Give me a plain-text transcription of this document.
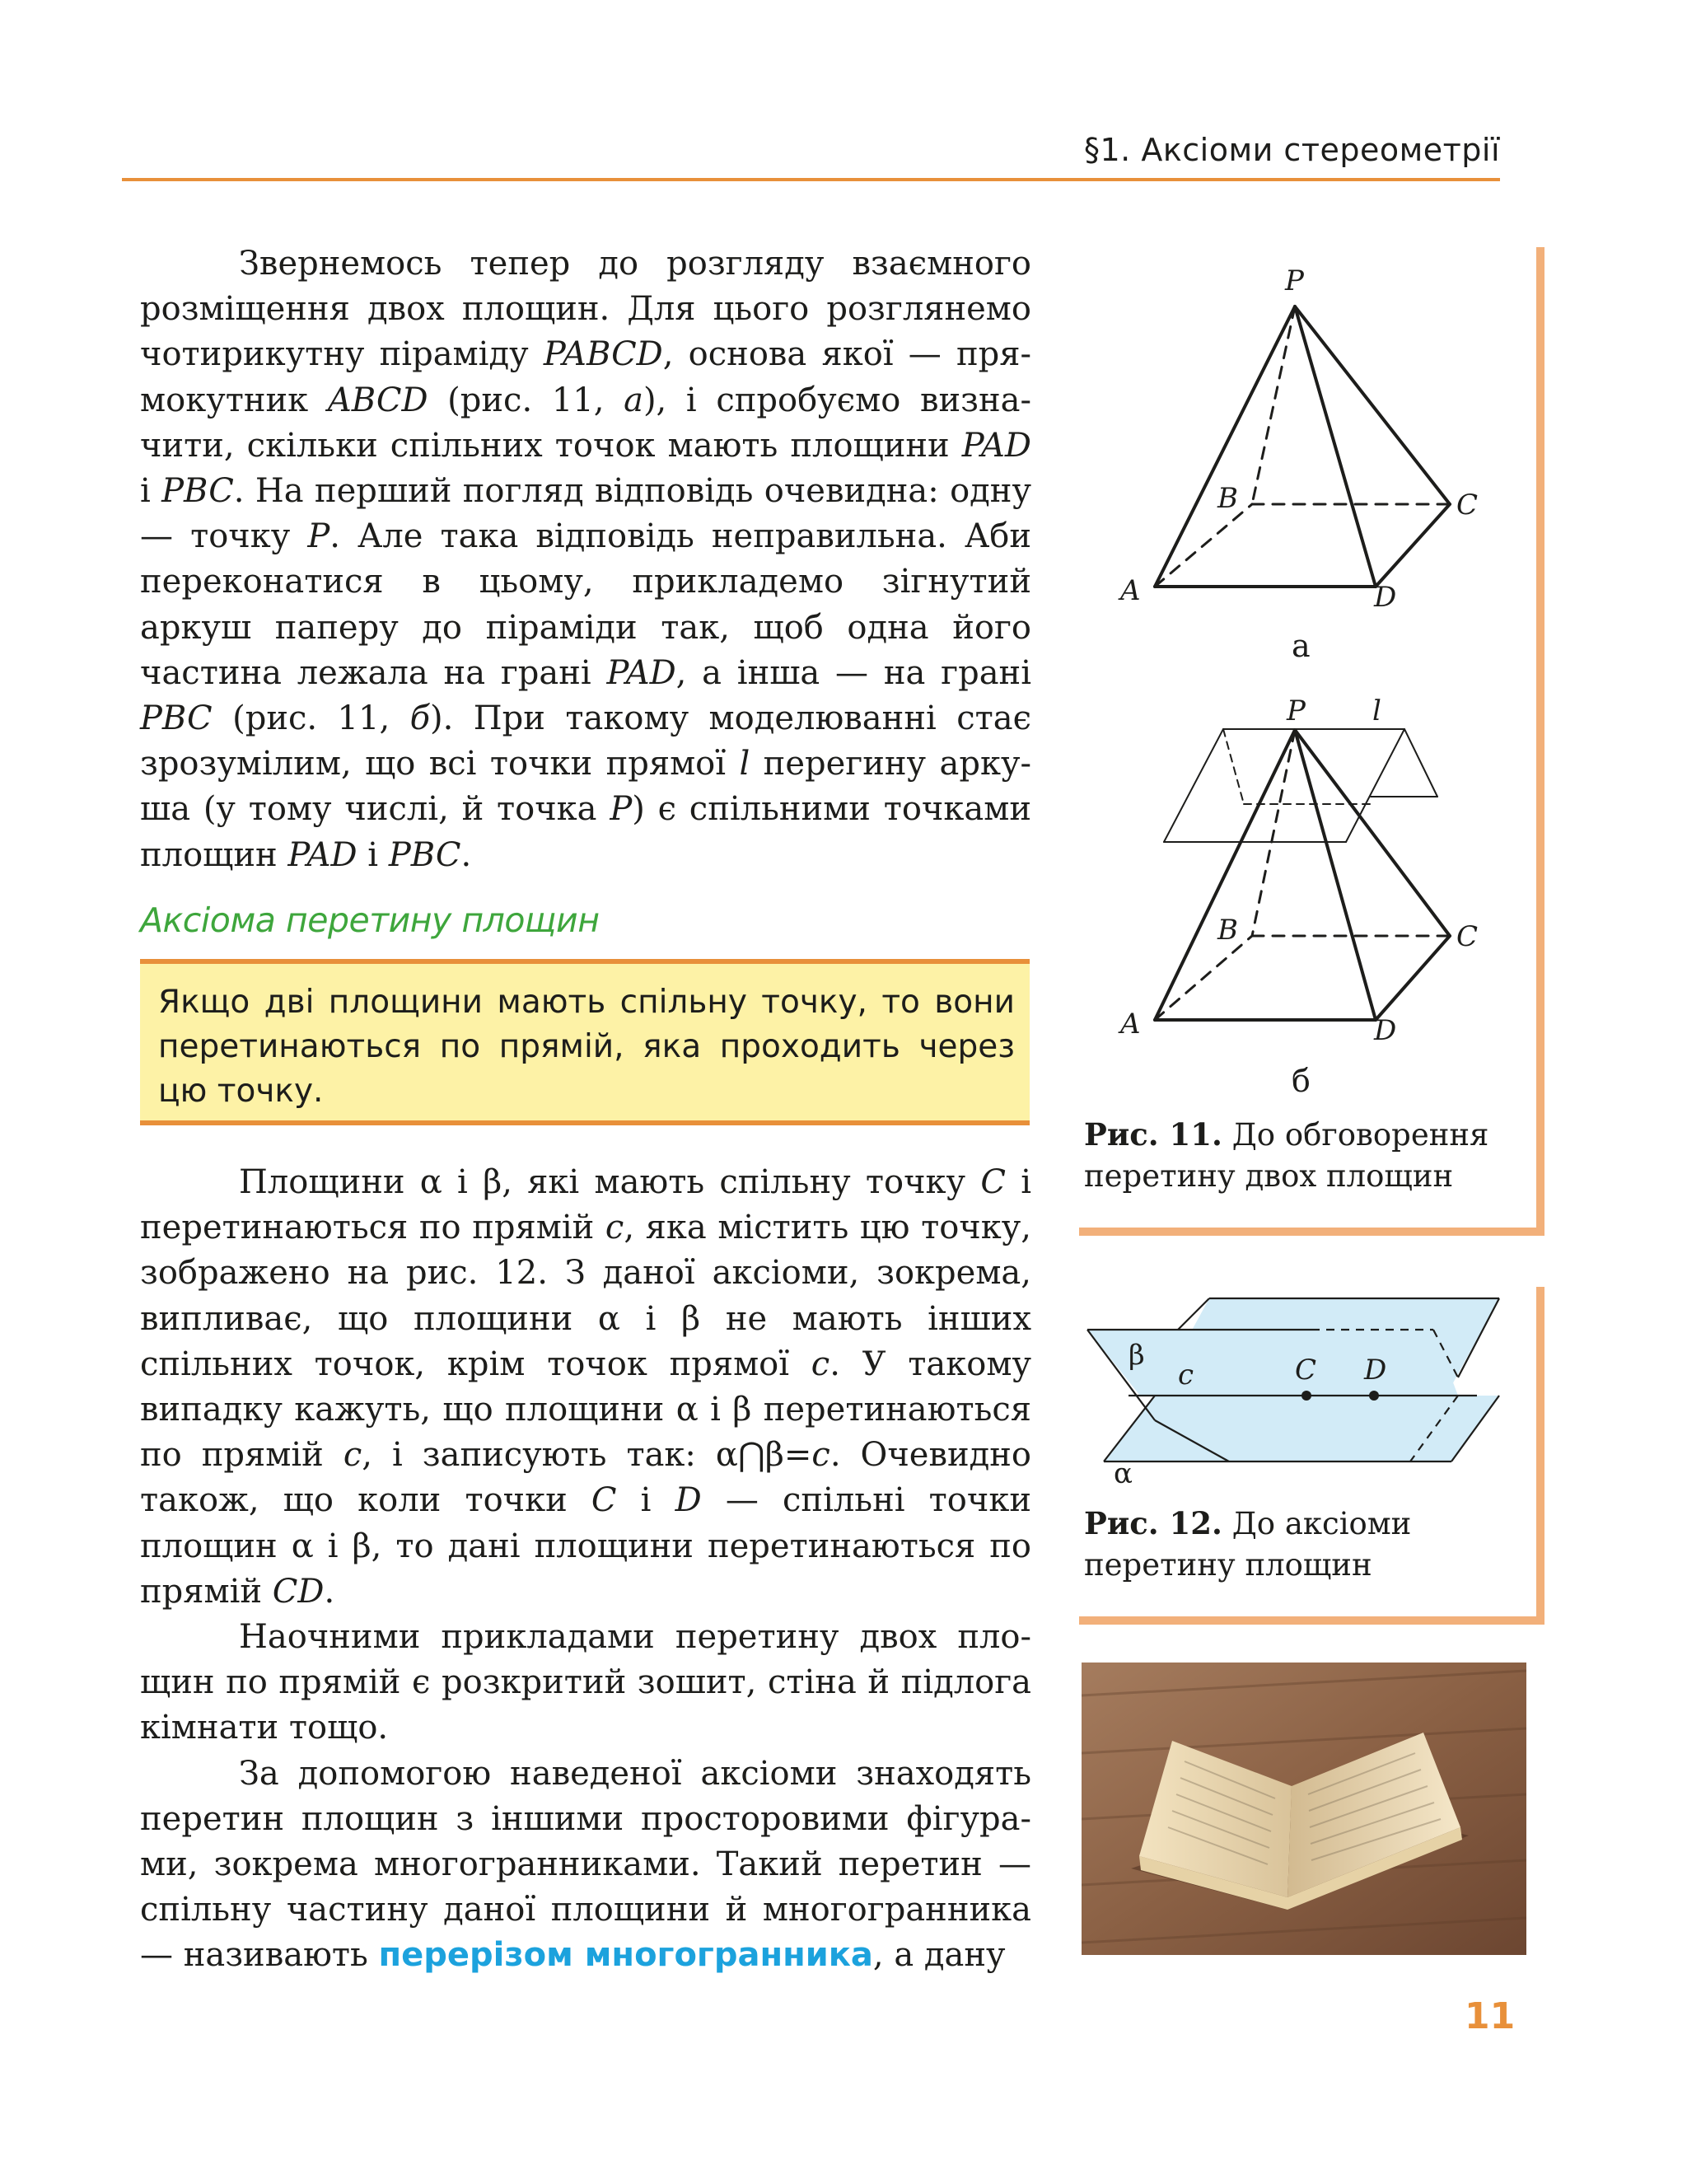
§1. Аксіоми стереометрії

Звернемось тепер до розгляду взаємного розміщення двох площин. Для цього розглянемо чотирикутну піраміду PABCD, основа якої — прямокутник ABCD (рис. 11, а), і спробуємо визначити, скільки спільних точок мають площини PAD і PBC. На перший погляд відповідь очевидна: одну — точку P. Але така відповідь неправильна. Аби переконатися в цьому, прикладемо зігнутий аркуш паперу до піраміди так, щоб одна його частина лежала на грані PAD, а інша — на грані PBC (рис. 11, б). При такому моделюванні стає зрозумілим, що всі точки прямої l перегину аркуша (у тому числі, й точка P) є спільними точками площин PAD і PBC.

Аксіома перетину площин
Якщо дві площини мають спільну точку, то вони перетинаються по прямій, яка проходить через цю точку.

Площини α і β, які мають спільну точку C і перетинаються по прямій c, яка містить цю точку, зображено на рис. 12. З даної аксіоми, зокрема, випливає, що площини α і β не мають інших спільних точок, крім точок прямої c. У такому випадку кажуть, що площини α і β перетинаються по прямій c, і записують так: α⋂β=c. Очевидно також, що коли точки C і D — спільні точки площин α і β, то дані площини перетинаються по прямій CD.

Наочними прикладами перетину двох площин по прямій є розкритий зошит, стіна й підлога кімнати тощо.

За допомогою наведеної аксіоми знаходять перетин площин з іншими просторовими фігурами, зокрема многогранниками. Такий перетин — спільну частину даної площини й многогранника — називають перерізом многогранника, а дану

P
B	C
A	D
P l
B	C
A	D
а
б
Рис. 11. До обговорення перетину двох площин
β
c	C D
α
Рис. 12. До аксіоми перетину площин
11
